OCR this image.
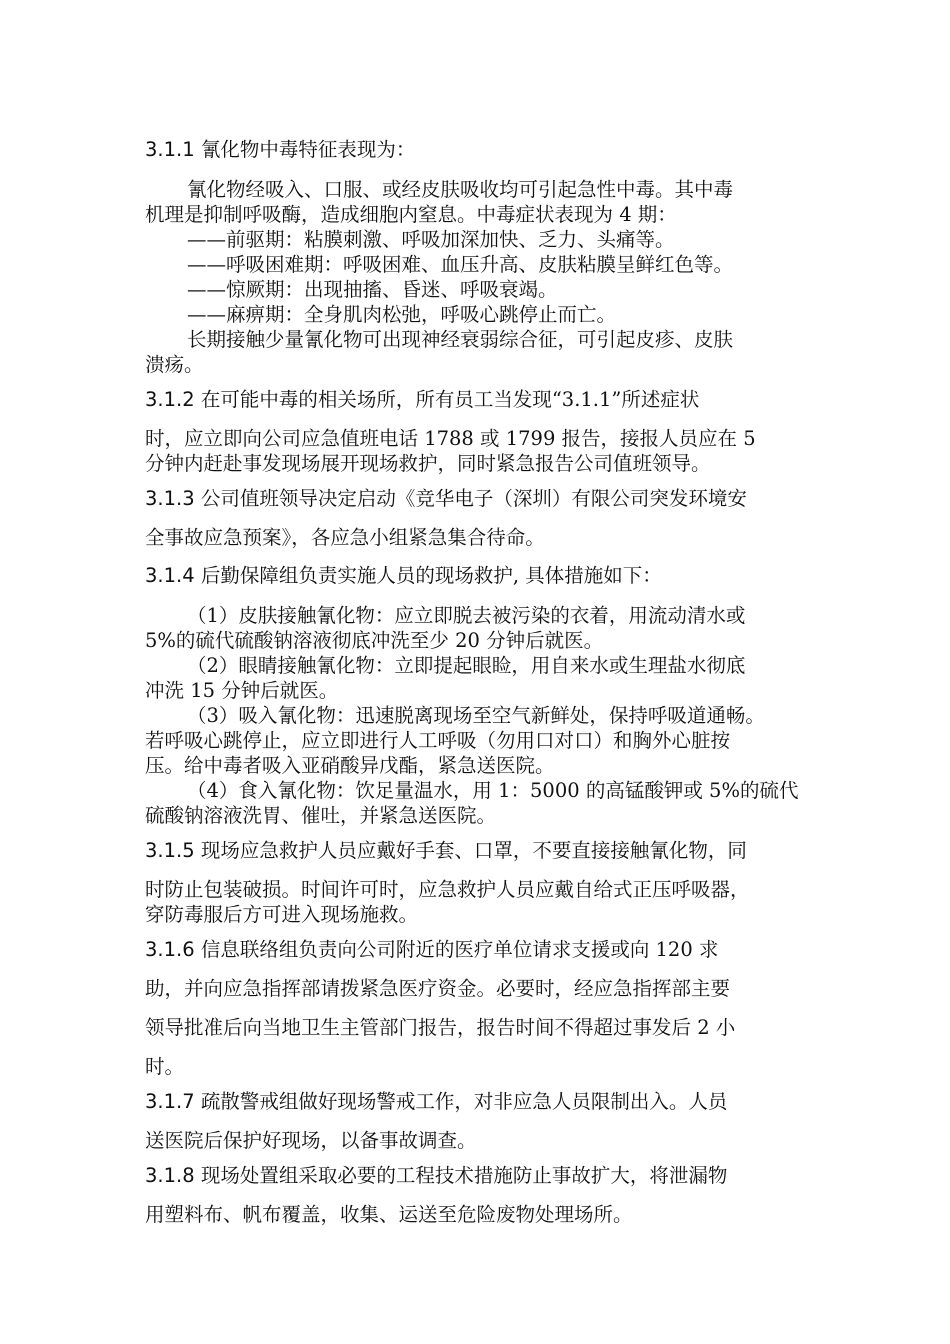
3.1.1 氰化物中毒特征表现为：
氰化物经吸入、口服、或经皮肤吸收均可引起急性中毒。其中毒
机理是抑制呼吸酶，造成细胞内窒息。中毒症状表现为 4 期：
——前驱期：粘膜刺激、呼吸加深加快、乏力、头痛等。
——呼吸困难期：呼吸困难、血压升高、皮肤粘膜呈鲜红色等。
——惊厥期：出现抽搐、昏迷、呼吸衰竭。
——麻痹期：全身肌肉松弛，呼吸心跳停止而亡。
长期接触少量氰化物可出现神经衰弱综合征，可引起皮疹、皮肤
溃疡。
3.1.2 在可能中毒的相关场所，所有员工当发现“3.1.1”所述症状
时，应立即向公司应急值班电话 1788 或 1799 报告，接报人员应在 5
分钟内赶赴事发现场展开现场救护，同时紧急报告公司值班领导。
3.1.3 公司值班领导决定启动《竞华电子（深圳）有限公司突发环境安
全事故应急预案》，各应急小组紧急集合待命。
3.1.4 后勤保障组负责实施人员的现场救护, 具体措施如下：
（1）皮肤接触氰化物：应立即脱去被污染的衣着，用流动清水或
5%的硫代硫酸钠溶液彻底冲洗至少 20 分钟后就医。
（2）眼睛接触氰化物：立即提起眼睑，用自来水或生理盐水彻底
冲洗 15 分钟后就医。
（3）吸入氰化物：迅速脱离现场至空气新鲜处，保持呼吸道通畅。
若呼吸心跳停止，应立即进行人工呼吸（勿用口对口）和胸外心脏按
压。给中毒者吸入亚硝酸异戊酯，紧急送医院。
（4）食入氰化物：饮足量温水，用 1：5000 的高锰酸钾或 5%的硫代
硫酸钠溶液洗胃、催吐，并紧急送医院。
3.1.5 现场应急救护人员应戴好手套、口罩，不要直接接触氰化物，同
时防止包装破损。时间许可时，应急救护人员应戴自给式正压呼吸器，
穿防毒服后方可进入现场施救。
3.1.6 信息联络组负责向公司附近的医疗单位请求支援或向 120 求
助，并向应急指挥部请拨紧急医疗资金。必要时，经应急指挥部主要
领导批准后向当地卫生主管部门报告，报告时间不得超过事发后 2 小
时。
3.1.7 疏散警戒组做好现场警戒工作，对非应急人员限制出入。人员
送医院后保护好现场，以备事故调查。
3.1.8 现场处置组采取必要的工程技术措施防止事故扩大，将泄漏物
用塑料布、帆布覆盖，收集、运送至危险废物处理场所。
